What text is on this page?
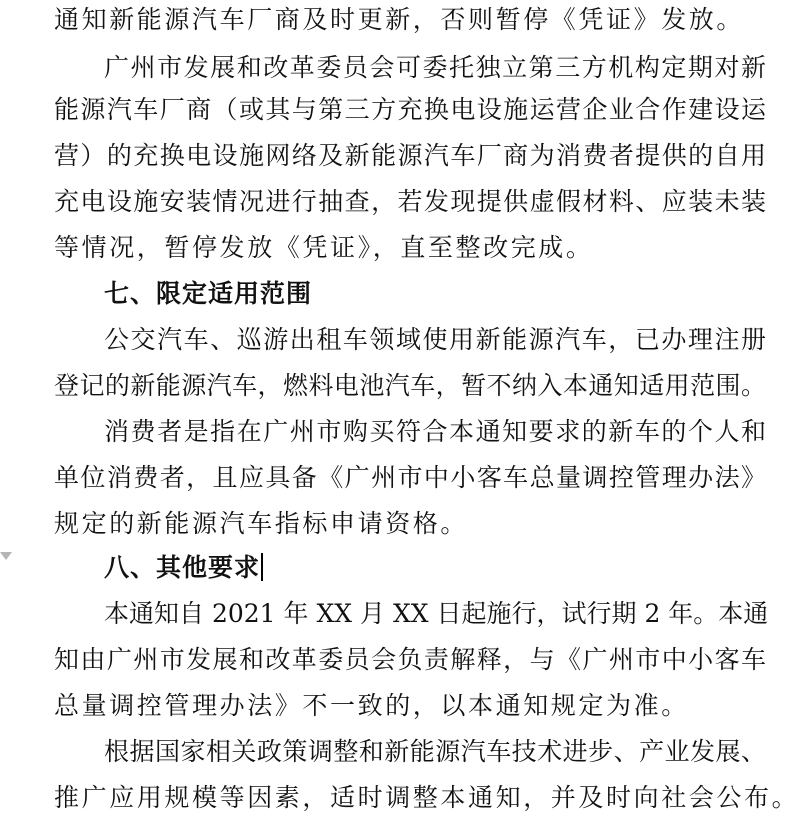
通知新能源汽车厂商及时更新，否则暂停《凭证》发放。
广州市发展和改革委员会可委托独立第三方机构定期对新
能源汽车厂商（或其与第三方充换电设施运营企业合作建设运
营）的充换电设施网络及新能源汽车厂商为消费者提供的自用
充电设施安装情况进行抽查，若发现提供虚假材料、应装未装
等情况，暂停发放《凭证》，直至整改完成。
七、限定适用范围
公交汽车、巡游出租车领域使用新能源汽车，已办理注册
登记的新能源汽车，燃料电池汽车，暂不纳入本通知适用范围。
消费者是指在广州市购买符合本通知要求的新车的个人和
单位消费者，且应具备《广州市中小客车总量调控管理办法》
规定的新能源汽车指标申请资格。
八、其他要求
本通知自 2021 年 XX 月 XX 日起施行，试行期 2 年。本通
知由广州市发展和改革委员会负责解释，与《广州市中小客车
总量调控管理办法》不一致的，以本通知规定为准。
根据国家相关政策调整和新能源汽车技术进步、产业发展、
推广应用规模等因素，适时调整本通知，并及时向社会公布。
